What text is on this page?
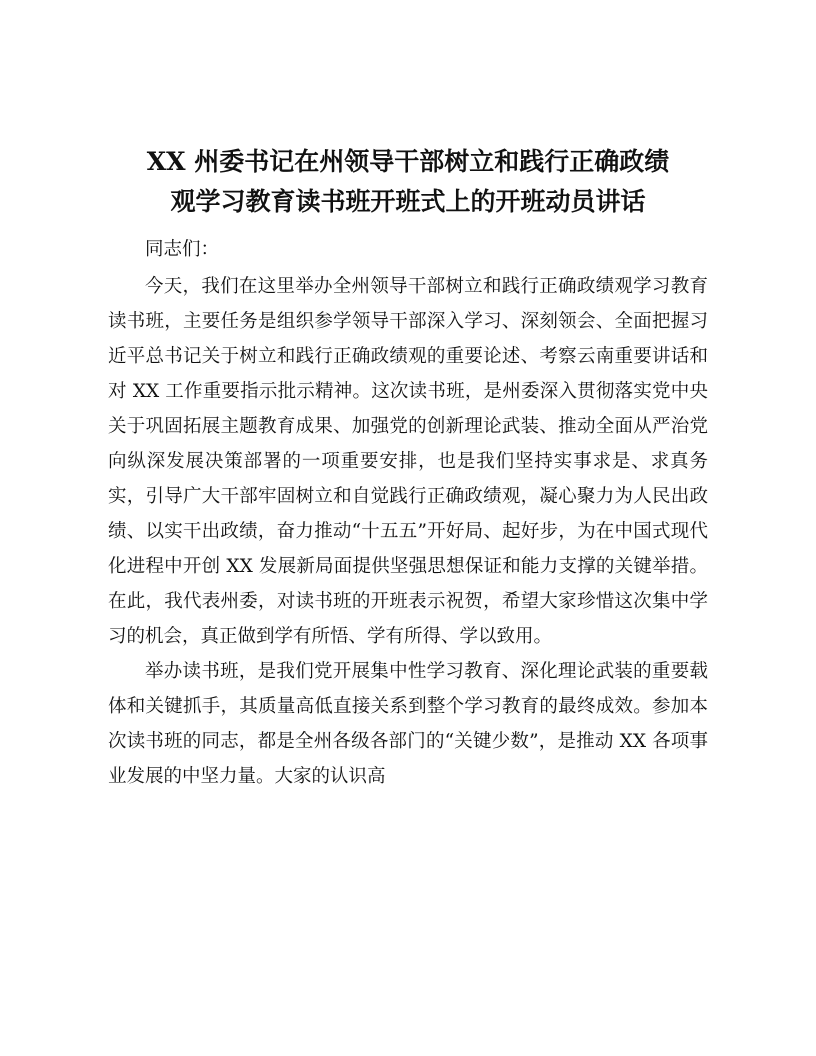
XX 州委书记在州领导干部树立和践行正确政绩
观学习教育读书班开班式上的开班动员讲话

同志们：

今天，我们在这里举办全州领导干部树立和践行正确政绩观学习教育读书班，主要任务是组织参学领导干部深入学习、深刻领会、全面把握习近平总书记关于树立和践行正确政绩观的重要论述、考察云南重要讲话和对 XX 工作重要指示批示精神。这次读书班，是州委深入贯彻落实党中央关于巩固拓展主题教育成果、加强党的创新理论武装、推动全面从严治党向纵深发展决策部署的一项重要安排，也是我们坚持实事求是、求真务实，引导广大干部牢固树立和自觉践行正确政绩观，凝心聚力为人民出政绩、以实干出政绩，奋力推动“十五五”开好局、起好步，为在中国式现代化进程中开创 XX 发展新局面提供坚强思想保证和能力支撑的关键举措。在此，我代表州委，对读书班的开班表示祝贺，希望大家珍惜这次集中学习的机会，真正做到学有所悟、学有所得、学以致用。

举办读书班，是我们党开展集中性学习教育、深化理论武装的重要载体和关键抓手，其质量高低直接关系到整个学习教育的最终成效。参加本次读书班的同志，都是全州各级各部门的“关键少数”，是推动 XX 各项事业发展的中坚力量。大家的认识高
